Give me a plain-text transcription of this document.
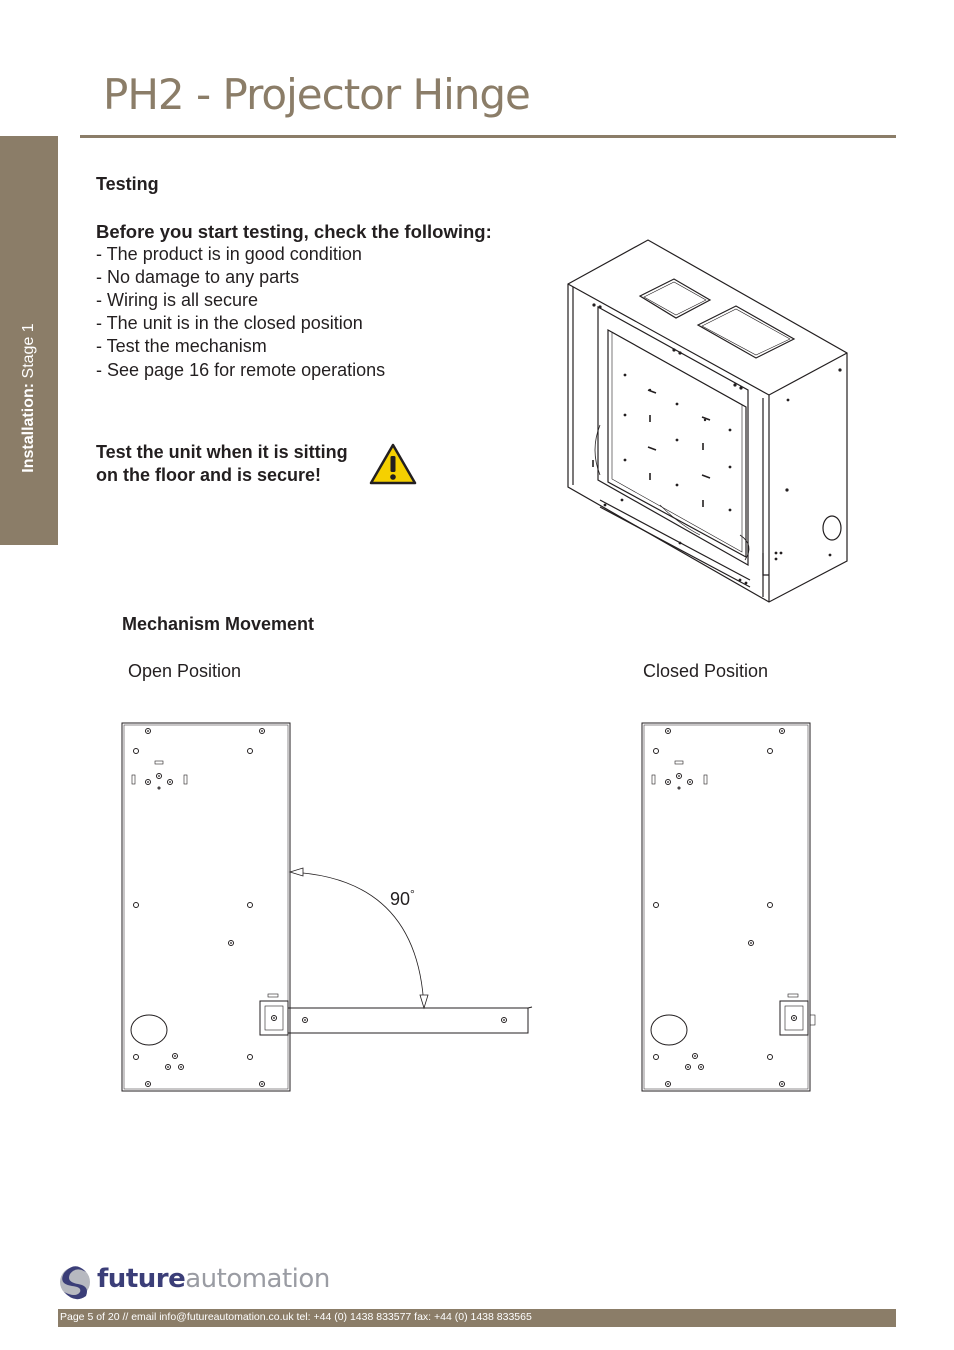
PH2 - Projector Hinge
Installation: Stage 1
Testing
Before you start testing, check the following:
- The product is in good condition
- No damage to any parts
- Wiring is all secure
- The unit is in the closed position
- Test the mechanism
- See page 16 for remote operations
Test the unit when it is sitting
on the floor and is secure!
Mechanism Movement
Open Position	Closed Position
90°
futureautomation
Page 5 of 20 // email info@futureautomation.co.uk tel: +44 (0) 1438 833577 fax: +44 (0) 1438 833565
